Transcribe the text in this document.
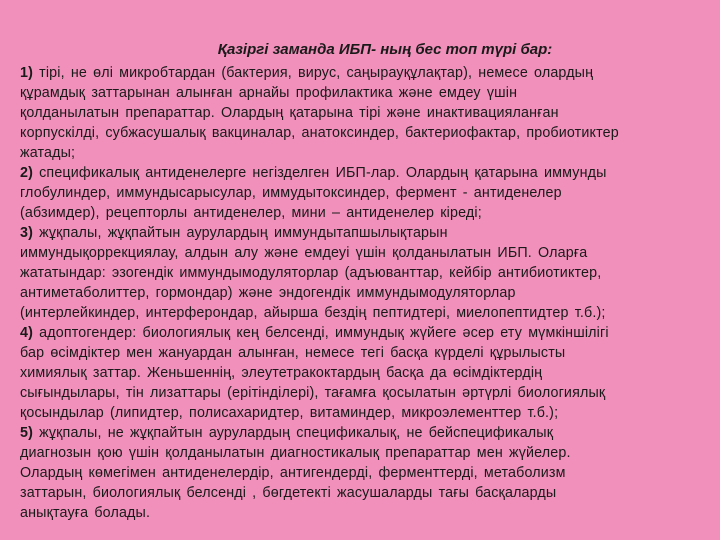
Қазіргі заманда ИБП- ның бес топ түрі бар:
1) тірі, не өлі микробтардан (бактерия, вирус, саңырауқұлақтар), немесе олардың
құрамдық заттарынан алынған арнайы профилактика және емдеу үшін
қолданылатын препараттар. Олардың қатарына тірі және инактивацияланған
корпускілді, субжасушалық вакциналар, анатоксиндер, бактериофактар, пробиотиктер
жатады;
2) спецификалық антиденелерге негізделген ИБП-лар. Олардың қатарына иммунды
глобулиндер, иммундысарысулар, иммудытоксиндер, фермент - антиденелер
(абзимдер), рецепторлы антиденелер, мини – антиденелер кіреді;
3) жұқпалы, жұқпайтын аурулардың иммундытапшылықтарын
иммундықоррекциялау, алдын алу және емдеуі үшін қолданылатын ИБП. Оларға
жататындар: эзогендік иммундымодуляторлар (адъюванттар, кейбір антибиотиктер,
антиметаболиттер, гормондар) және эндогендік иммундымодуляторлар
(интерлейкиндер, интерферондар, айырша бездің пептидтері, миелопептидтер т.б.);
4) адоптогендер: биологиялық кең белсенді, иммундық жүйеге әсер ету мүмкіншілігі
бар өсімдіктер мен жануардан алынған, немесе тегі басқа күрделі құрылысты
химиялық заттар. Женьшеннің, элеутетракоктардың басқа да өсімдіктердің
сығындылары, тін лизаттары (ерітінділері), тағамға қосылатын әртүрлі биологиялық
қосындылар (липидтер, полисахаридтер, витаминдер, микроэлементтер т.б.);
5) жұқпалы, не жұқпайтын аурулардың спецификалық, не бейспецификалық
диагнозын қою үшін қолданылатын диагностикалық препараттар мен жүйелер.
Олардың көмегімен антиденелердір, антигендерді, ферменттерді, метаболизм
заттарын, биологиялық белсенді , бөгдетекті жасушаларды тағы басқаларды
анықтауға болады.
